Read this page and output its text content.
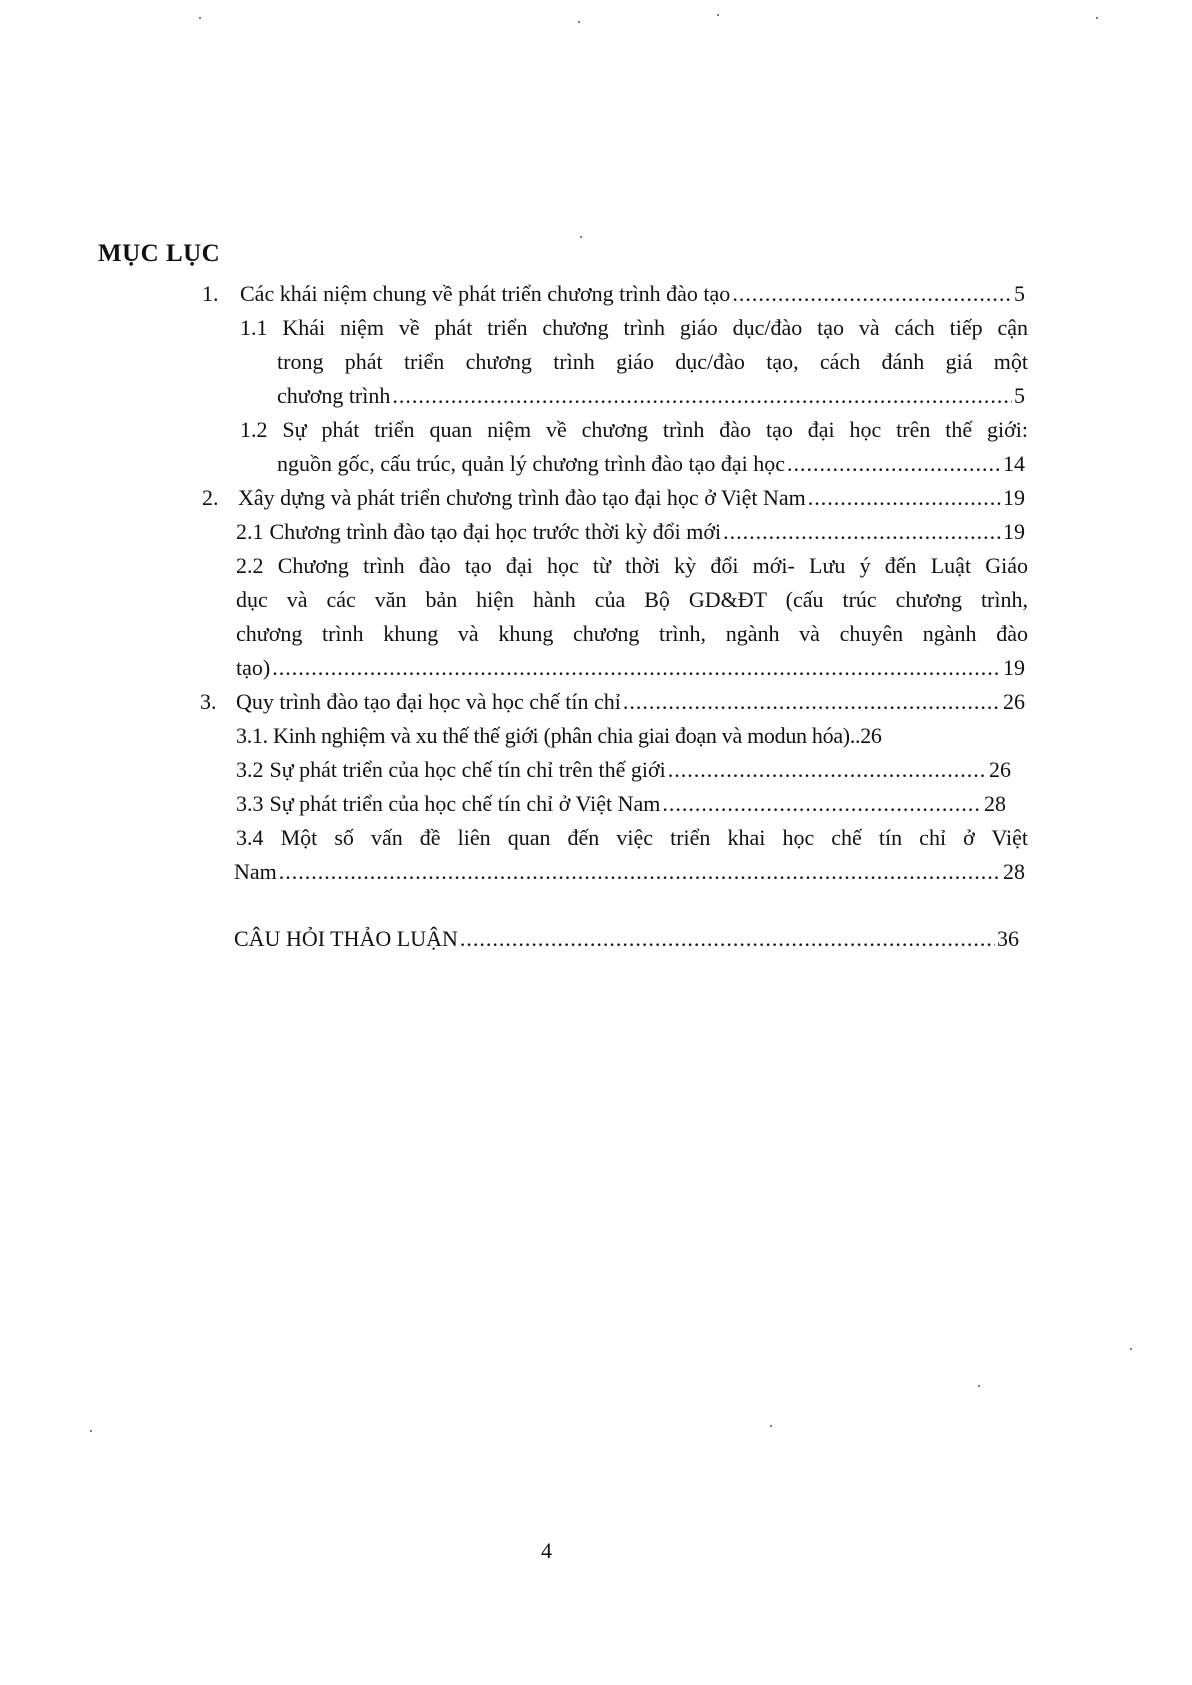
MỤC LỤC
1. Các khái niệm chung về phát triển chương trình đào tạo .....	5
1.1 Khái niệm về phát triển chương trình giáo dục/đào tạo và cách tiếp cận
trong phát triển chương trình giáo dục/đào tạo, cách đánh giá một
chương trình .....	5
1.2 Sự phát triển quan niệm về chương trình đào tạo đại học trên thế giới:
nguồn gốc, cấu trúc, quản lý chương trình đào tạo đại học .....	14
2. Xây dựng và phát triển chương trình đào tạo đại học ở Việt Nam .....	19
2.1 Chương trình đào tạo đại học trước thời kỳ đổi mới .....	19
2.2 Chương trình đào tạo đại học từ thời kỳ đổi mới- Lưu ý đến Luật Giáo
dục và các văn bản hiện hành của Bộ GD&ĐT (cấu trúc chương trình,
chương trình khung và khung chương trình, ngành và chuyên ngành đào
tạo) .....	19
3. Quy trình đào tạo đại học và học chế tín chỉ .....	26
3.1. Kinh nghiệm và xu thế thế giới (phân chia giai đoạn và modun hóa)..26
3.2 Sự phát triển của học chế tín chỉ trên thế giới .....	26
3.3 Sự phát triển của học chế tín chỉ ở Việt Nam .....	28
3.4 Một số vấn đề liên quan đến việc triển khai học chế tín chỉ ở Việt
Nam .....	28
CÂU HỎI THẢO LUẬN .....	36
4
